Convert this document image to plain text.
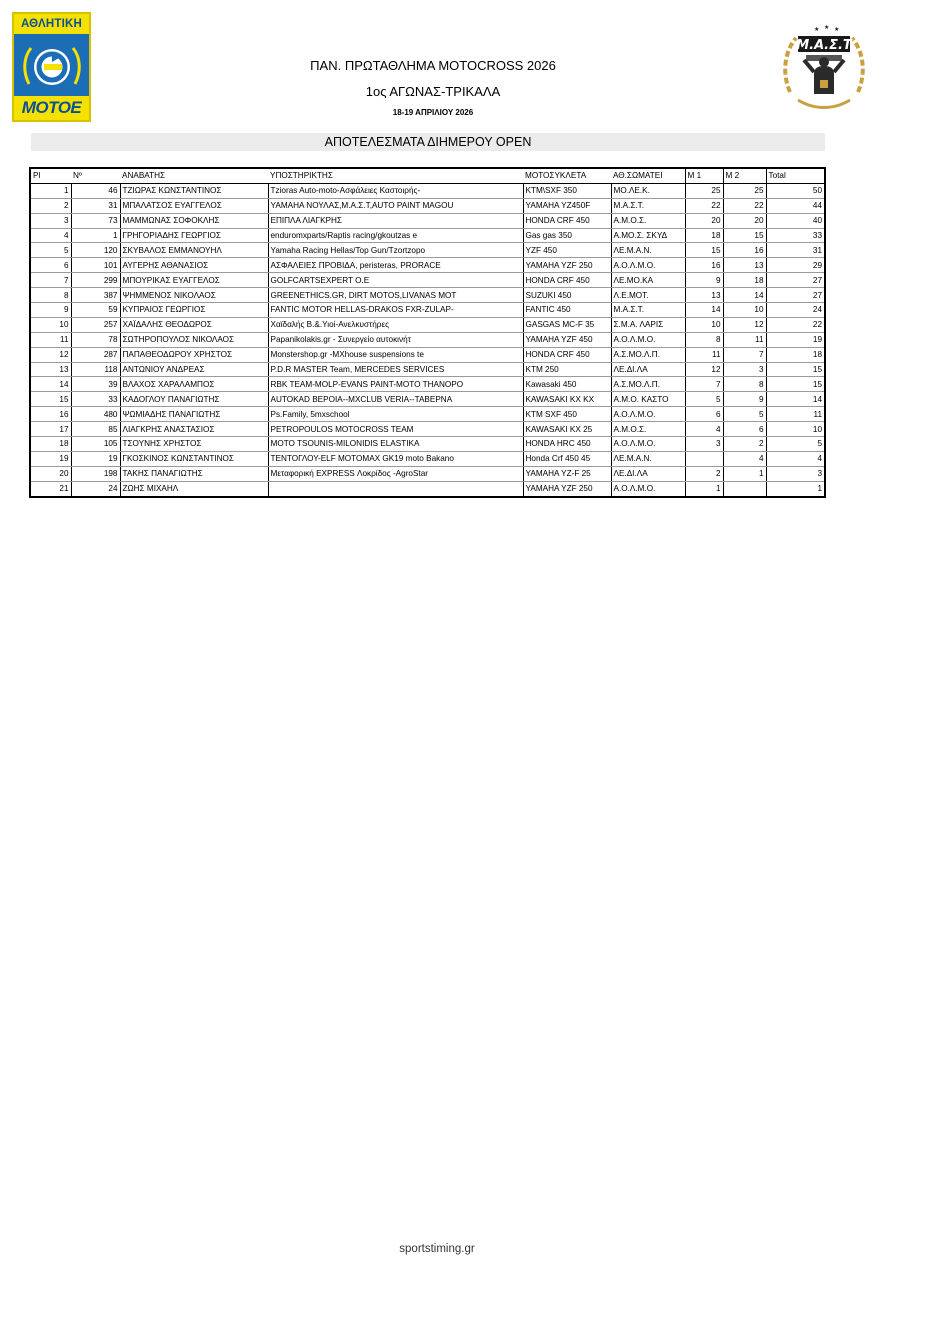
ΑΘΛΗΤΙΚΗ
ΜΟΤΟΕ
★ ★ ★
Μ.Α.Σ.Τ
ΠΑΝ. ΠΡΩΤΑΘΛΗΜΑ MOTOCROSS 2026
1ος ΑΓΩΝΑΣ-ΤΡΙΚΑΛΑ
18-19 ΑΠΡΙΛΙΟΥ 2026
ΑΠΟΤΕΛΕΣΜΑΤΑ ΔΙΗΜΕΡΟΥ OPEN
Pl	Nº	ΑΝΑΒΑΤΗΣ	ΥΠΟΣΤΗΡΙΚΤΗΣ	ΜΟΤΟΣΥΚΛΕΤΑ	ΑΘ.ΣΩΜΑΤΕΙ	M 1	M 2	Total
1	46	ΤΖΙΩΡΑΣ ΚΩΝΣΤΑΝΤΙΝΟΣ	Tzioras Auto-moto-Ασφάλειες Καστοιρής-	KTM\SXF 350	ΜΟ.ΛΕ.Κ.	25	25	50
2	31	ΜΠΑΛΑΤΣΟΣ ΕΥΑΓΓΕΛΟΣ	YAMAHA ΝΟΥΛΑΣ,Μ.Α.Σ.Τ,AUTO PAINT MAGOU	YAMAHA YZ450F	Μ.Α.Σ.Τ.	22	22	44
3	73	ΜΑΜΜΩΝΑΣ ΣΟΦΟΚΛΗΣ	ΕΠΙΠΛΑ ΛΙΑΓΚΡΗΣ	HONDA CRF 450	Α.Μ.Ο.Σ.	20	20	40
4	1	ΓΡΗΓΟΡΙΑΔΗΣ ΓΕΩΡΓΙΟΣ	enduromxparts/Raptis racing/gkoutzas e	Gas gas 350	Α.ΜΟ.Σ. ΣΚΥΔ	18	15	33
5	120	ΣΚΥΒΑΛΟΣ ΕΜΜΑΝΟΥΗΛ	Yamaha Racing Hellas/Top Gun/Tzortzopo	YZF 450	ΛΕ.Μ.Α.Ν.	15	16	31
6	101	ΑΥΓΕΡΗΣ ΑΘΑΝΑΣΙΟΣ	ΑΣΦΑΛΕΙΕΣ ΠΡΟΒΙΔΑ, peristeras, PRORACE	YAMAHA YZF 250	Α.Ο.Λ.Μ.Ο.	16	13	29
7	299	ΜΠΟΥΡΙΚΑΣ ΕΥΑΓΓΕΛΟΣ	GOLFCARTSEXPERT O.E	HONDA CRF 450	ΛΕ.ΜΟ.ΚΑ	9	18	27
8	387	ΨΗΜΜΕΝΟΣ ΝΙΚΟΛΑΟΣ	GREENETHICS.GR, DIRT MOTOS,LIVANAS MOT	SUZUKI 450	Λ.Ε.ΜΟΤ.	13	14	27
9	59	ΚΥΠΡΑΙΟΣ ΓΕΩΡΓΙΟΣ	FANTIC MOTOR HELLAS-DRAKOS FXR-ZULAP-	FANTIC 450	Μ.Α.Σ.Τ.	14	10	24
10	257	ΧΑΪΔΑΛΗΣ ΘΕΟΔΩΡΟΣ	Χαϊδαλής Β.&.Υιοί-Ανελκυστήρες	GASGAS MC-F 35	Σ.Μ.Α. ΛΑΡΙΣ	10	12	22
11	78	ΣΩΤΗΡΟΠΟΥΛΟΣ ΝΙΚΟΛΑΟΣ	Papanikolakis.gr - Συνεργείο αυτοκινήτ	YAMAHA YZF 450	Α.Ο.Λ.Μ.Ο.	8	11	19
12	287	ΠΑΠΑΘΕΟΔΩΡΟΥ ΧΡΗΣΤΟΣ	Monstershop.gr -MXhouse suspensions te	HONDA CRF 450	Α.Σ.ΜΟ.Λ.Π.	11	7	18
13	118	ΑΝΤΩΝΙΟΥ ΑΝΔΡΕΑΣ	P.D.R MASTER Team, MERCEDES SERVICES	KTM 250	ΛΕ.ΔΙ.ΛΑ	12	3	15
14	39	ΒΛΑΧΟΣ ΧΑΡΑΛΑΜΠΟΣ	RBK TEAM-MOLP-EVANS PAINT-MOTO THANOPO	Kawasaki 450	Α.Σ.ΜΟ.Λ.Π.	7	8	15
15	33	ΚΑΔΟΓΛΟΥ ΠΑΝΑΓΙΩΤΗΣ	AUTOKAD ΒΕΡΟΙΑ--MXCLUB VERIA--ΤΑΒΕΡΝΑ	KAWASAKI KX KX	Α.Μ.Ο. ΚΑΣΤΟ	5	9	14
16	480	ΨΩΜΙΑΔΗΣ ΠΑΝΑΓΙΩΤΗΣ	Ps.Family, 5mxschool	KTM SXF 450	Α.Ο.Λ.Μ.Ο.	6	5	11
17	85	ΛΙΑΓΚΡΗΣ ΑΝΑΣΤΑΣΙΟΣ	PETROPOULOS MOTOCROSS TEAM	KAWASAKI KX 25	Α.Μ.Ο.Σ.	4	6	10
18	105	ΤΣΟΥΝΗΣ ΧΡΗΣΤΟΣ	MOTO TSOUNIS-MILONIDIS ELASTIKA	HONDA HRC 450	Α.Ο.Λ.Μ.Ο.	3	2	5
19	19	ΓΚΟΣΚΙΝΟΣ ΚΩΝΣΤΑΝΤΙΝΟΣ	ΤΕΝΤΟΓΛΟΥ-ELF MOTOMAX GK19 moto Bakano	Honda Crf 450 45	ΛΕ.Μ.Α.Ν.		4	4
20	198	ΤΑΚΗΣ ΠΑΝΑΓΙΩΤΗΣ	Μεταφορική EXPRESS Λοκρίδος -AgroStar	YAMAHA YZ-F 25	ΛΕ.ΔΙ.ΛΑ	2	1	3
21	24	ΖΩΗΣ ΜΙΧΑΗΛ		YAMAHA YZF 250	Α.Ο.Λ.Μ.Ο.	1		1
sportstiming.gr
